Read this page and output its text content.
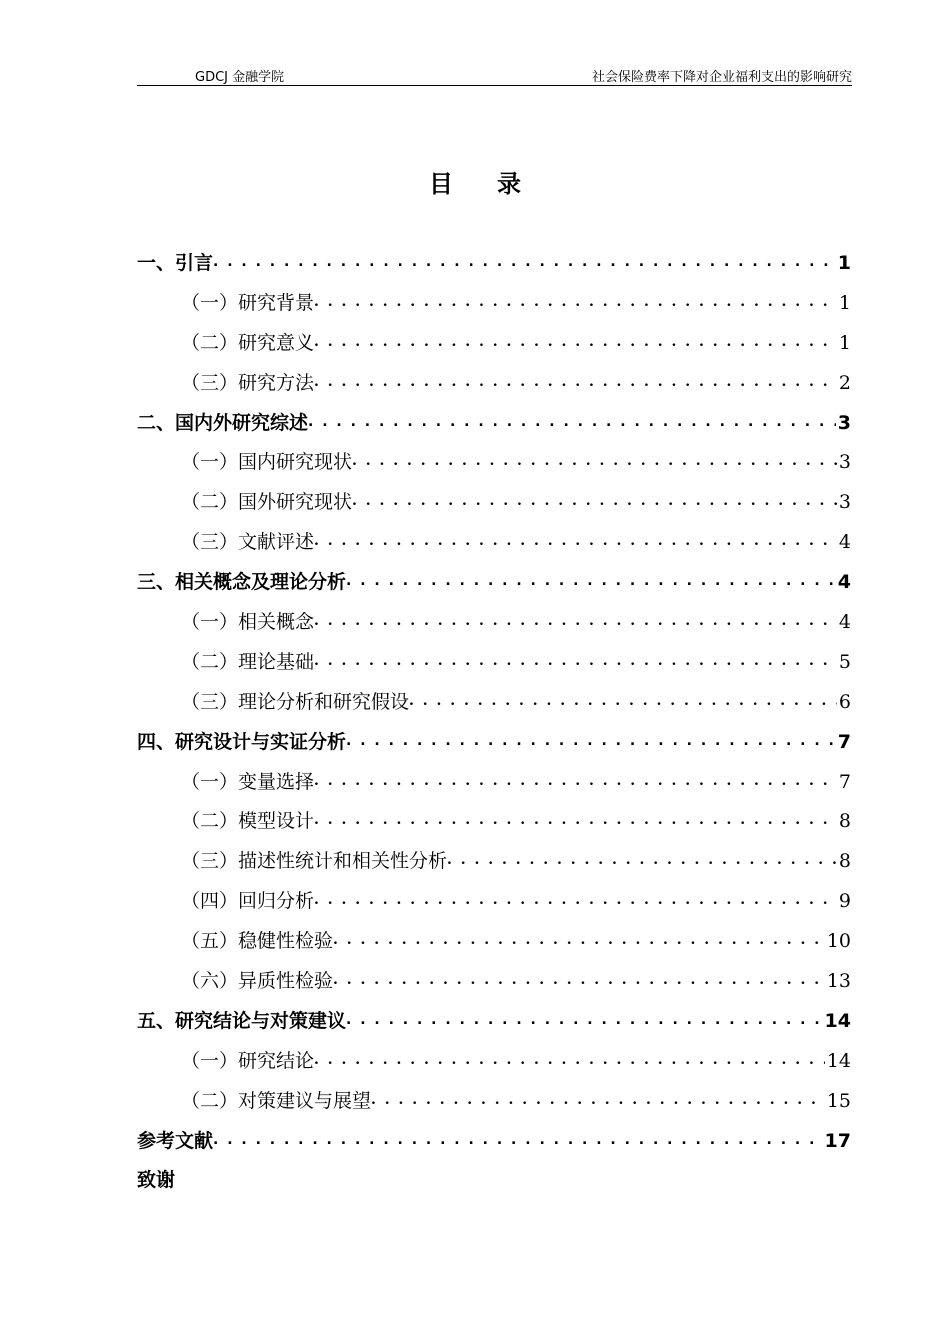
GDCJ 金融学院	社会保险费率下降对企业福利支出的影响研究
目录
一、引言 . . .	1
（一）研究背景 . . .	1
（二）研究意义 . . .	1
（三）研究方法 . . .	2
二、国内外研究综述 . . .	3
（一）国内研究现状 . . .	3
（二）国外研究现状 . . .	3
（三）文献评述 . . .	4
三、相关概念及理论分析 . . .	4
（一）相关概念 . . .	4
（二）理论基础 . . .	5
（三）理论分析和研究假设 . . .	6
四、研究设计与实证分析 . . .	7
（一）变量选择 . . .	7
（二）模型设计 . . .	8
（三）描述性统计和相关性分析 . . .	8
（四）回归分析 . . .	9
（五）稳健性检验 . . .	10
（六）异质性检验 . . .	13
五、研究结论与对策建议 . . .	14
（一）研究结论 . . .	14
（二）对策建议与展望 . . .	15
参考文献 . . .	17
致谢
